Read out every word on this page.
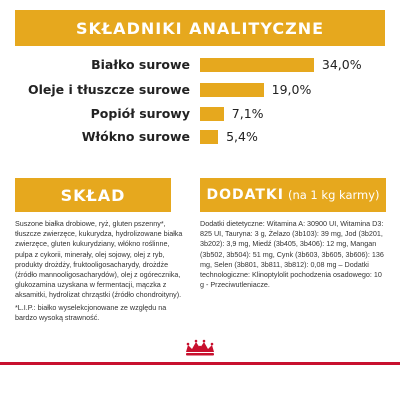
SKŁADNIKI ANALITYCZNE
Białko surowe	34,0%
Oleje i tłuszcze surowe	19,0%
Popiół surowy	7,1%
Włókno surowe	5,4%
SKŁAD	DODATKI (na 1 kg karmy)

Suszone białka drobiowe, ryż, gluten pszenny*, tłuszcze zwierzęce, kukurydza, hydrolizowane białka zwierzęce, gluten kukurydziany, włókno roślinne, pulpa z cykorii, minerały, olej sojowy, olej z ryb, produkty drożdży, fruktooligosacharydy, drożdże (źródło mannooligosacharydów), olej z ogórecznika, glukozamina uzyskana w fermentacji, mączka z aksamitki, hydrolizat chrząstki (źródło chondroityny).

*L.I.P.: białko wyselekcjonowane ze względu na bardzo wysoką strawność.

Dodatki dietetyczne: Witamina A: 30900 UI, Witamina D3: 825 UI, Tauryna: 3 g, Żelazo (3b103): 39 mg, Jod (3b201, 3b202): 3,9 mg, Miedź (3b405, 3b406): 12 mg, Mangan (3b502, 3b504): 51 mg, Cynk (3b603, 3b605, 3b606): 136 mg, Selen (3b801, 3b811, 3b812): 0,08 mg – Dodatki technologiczne: Klinoptylolit pochodzenia osadowego: 10 g - Przeciwutleniacze.
